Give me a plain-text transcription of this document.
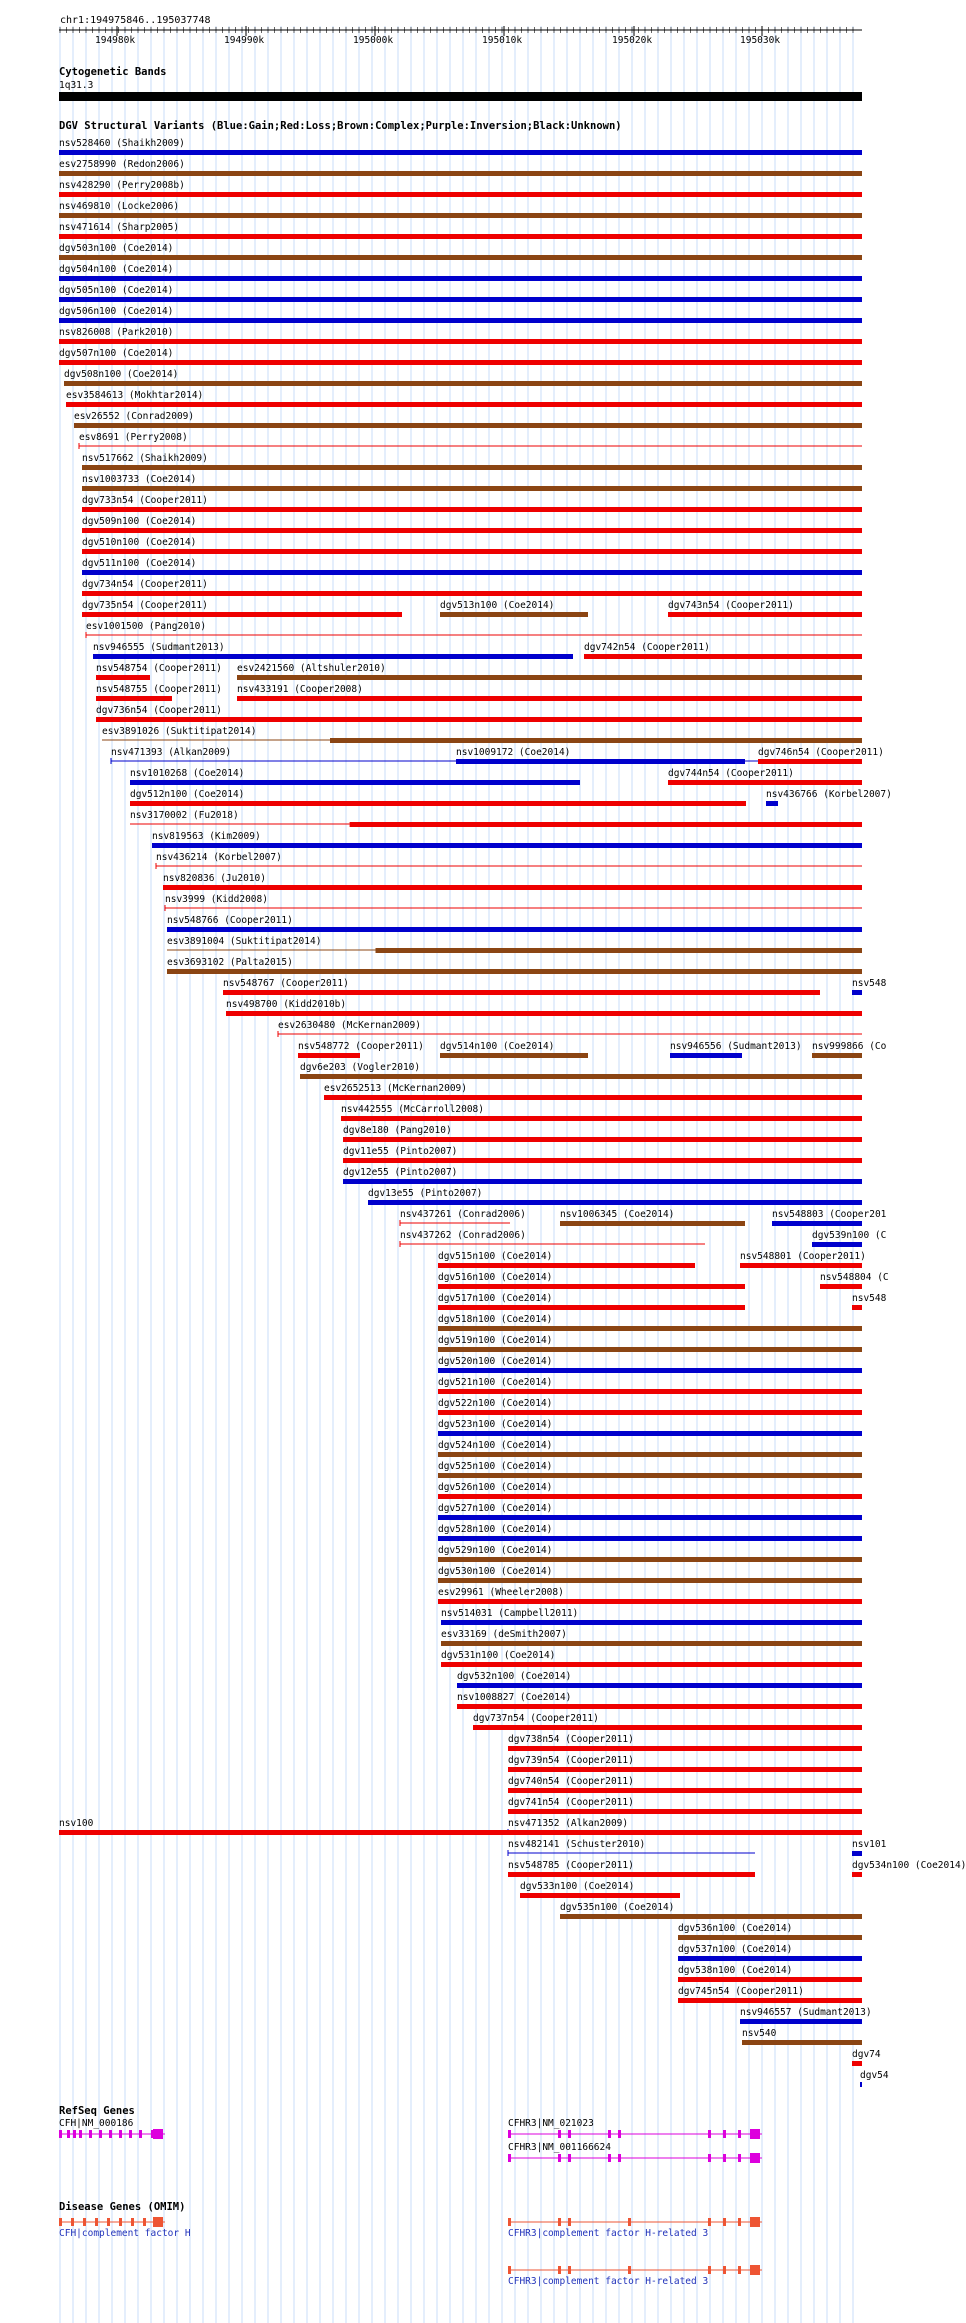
chr1:194975846..195037748
194980k	194990k	195000k	195010k	195020k	195030k
Cytogenetic Bands
1q31.3
DGV Structural Variants (Blue:Gain;Red:Loss;Brown:Complex;Purple:Inversion;Black:Unknown)
nsv528460 (Shaikh2009)
esv2758990 (Redon2006)
nsv428290 (Perry2008b)
nsv469810 (Locke2006)
nsv471614 (Sharp2005)
dgv503n100 (Coe2014)
dgv504n100 (Coe2014)
dgv505n100 (Coe2014)
dgv506n100 (Coe2014)
nsv826008 (Park2010)
dgv507n100 (Coe2014)
dgv508n100 (Coe2014)
esv3584613 (Mokhtar2014)
esv26552 (Conrad2009)
esv8691 (Perry2008)
nsv517662 (Shaikh2009)
nsv1003733 (Coe2014)
dgv733n54 (Cooper2011)
dgv509n100 (Coe2014)
dgv510n100 (Coe2014)
dgv511n100 (Coe2014)
dgv734n54 (Cooper2011)
dgv735n54 (Cooper2011)	dgv513n100 (Coe2014)	dgv743n54 (Cooper2011)
esv1001500 (Pang2010)
nsv946555 (Sudmant2013)	dgv742n54 (Cooper2011)
nsv548754 (Cooper2011) esv2421560 (Altshuler2010)
nsv548755 (Cooper2011) nsv433191 (Cooper2008)
dgv736n54 (Cooper2011)
esv3891026 (Suktitipat2014)
nsv471393 (Alkan2009)	nsv1009172 (Coe2014)	dgv746n54 (Cooper2011)
nsv1010268 (Coe2014)	dgv744n54 (Cooper2011)
dgv512n100 (Coe2014)	nsv436766 (Korbel2007)
nsv3170002 (Fu2018)
nsv819563 (Kim2009)
nsv436214 (Korbel2007)
nsv820836 (Ju2010)
nsv3999 (Kidd2008)
nsv548766 (Cooper2011)
esv3891004 (Suktitipat2014)
esv3693102 (Palta2015)
nsv548767 (Cooper2011)	nsv548
nsv498700 (Kidd2010b)
esv2630480 (McKernan2009)
nsv548772 (Cooper2011) dgv514n100 (Coe2014)	nsv946556 (Sudmant2013) nsv999866 (Co
dgv6e203 (Vogler2010)
esv2652513 (McKernan2009)
nsv442555 (McCarroll2008)
dgv8e180 (Pang2010)
dgv11e55 (Pinto2007)
dgv12e55 (Pinto2007)
dgv13e55 (Pinto2007)
nsv437261 (Conrad2006)	nsv1006345 (Coe2014)	nsv548803 (Cooper201
nsv437262 (Conrad2006)	dgv539n100 (C
dgv515n100 (Coe2014)	nsv548801 (Cooper2011)
dgv516n100 (Coe2014)	nsv548804 (C
dgv517n100 (Coe2014)	nsv548
dgv518n100 (Coe2014)
dgv519n100 (Coe2014)
dgv520n100 (Coe2014)
dgv521n100 (Coe2014)
dgv522n100 (Coe2014)
dgv523n100 (Coe2014)
dgv524n100 (Coe2014)
dgv525n100 (Coe2014)
dgv526n100 (Coe2014)
dgv527n100 (Coe2014)
dgv528n100 (Coe2014)
dgv529n100 (Coe2014)
dgv530n100 (Coe2014)
esv29961 (Wheeler2008)
nsv514031 (Campbell2011)
esv33169 (deSmith2007)
dgv531n100 (Coe2014)
dgv532n100 (Coe2014)
nsv1008827 (Coe2014)
dgv737n54 (Cooper2011)
dgv738n54 (Cooper2011)
dgv739n54 (Cooper2011)
dgv740n54 (Cooper2011)
dgv741n54 (Cooper2011)
nsv471352 (Alkan2009)
nsv100
nsv482141 (Schuster2010)	nsv101
nsv548785 (Cooper2011)	dgv534n100 (Coe2014)
dgv533n100 (Coe2014)
dgv535n100 (Coe2014)
dgv536n100 (Coe2014)
dgv537n100 (Coe2014)
dgv538n100 (Coe2014)
dgv745n54 (Cooper2011)
nsv946557 (Sudmant2013)
nsv540
dgv74
dgv54
RefSeq Genes
CFH|NM_000186	CFHR3|NM_021023
CFHR3|NM_001166624
Disease Genes (OMIM)
CFH|complement factor H	CFHR3|complement factor H-related 3
CFHR3|complement factor H-related 3
